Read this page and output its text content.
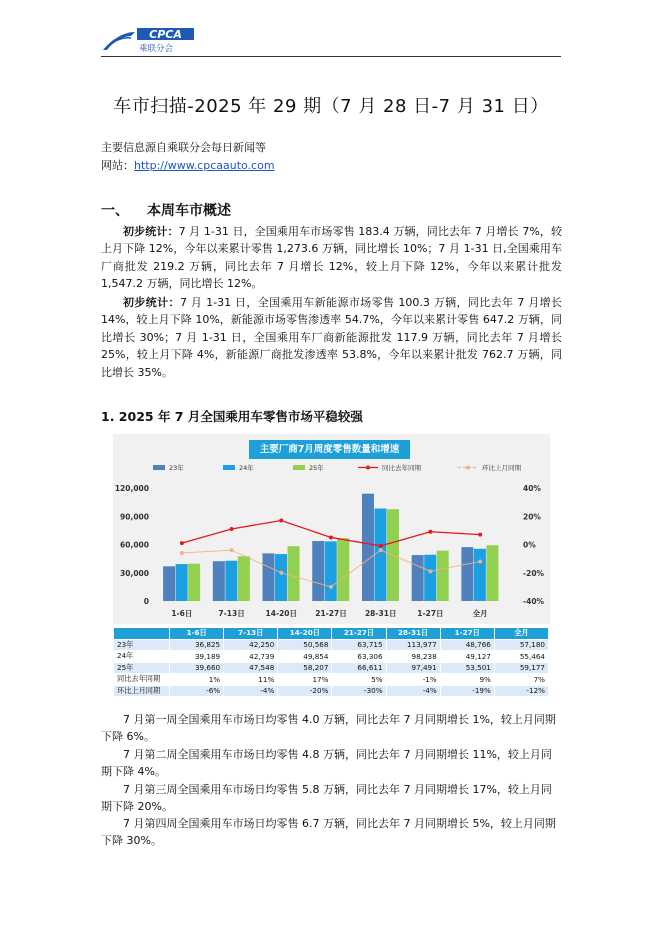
CPCA
乘联分会
车市扫描-2025 年 29 期（7 月 28 日-7 月 31 日）
主要信息源自乘联分会每日新闻等
网站：http://www.cpcaauto.com
一、 本周车市概述

初步统计：7 月 1-31 日，全国乘用车市场零售 183.4 万辆，同比去年 7 月增长 7%，较上月下降 12%，今年以来累计零售 1,273.6 万辆，同比增长 10%；7 月 1-31 日,全国乘用车厂商批发 219.2 万辆，同比去年 7 月增长 12%，较上月下降 12%，今年以来累计批发 1,547.2 万辆，同比增长 12%。

初步统计：7 月 1-31 日，全国乘用车新能源市场零售 100.3 万辆，同比去年 7 月增长 14%，较上月下降 10%，新能源市场零售渗透率 54.7%，今年以来累计零售 647.2 万辆，同比增长 30%；7 月 1-31 日，全国乘用车厂商新能源批发 117.9 万辆，同比去年 7 月增长 25%，较上月下降 4%，新能源厂商批发渗透率 53.8%，今年以来累计批发 762.7 万辆，同比增长 35%。

1. 2025 年 7 月全国乘用车零售市场平稳较强
主要厂商7月周度零售数量和增速
0
30,000
60,000
90,000
120,000
-40%
-20%
0%
20%
40%
23年	24年	25年	同比去年同期	环比上月同期
1-6日	7-13日	14-20日 21-27日 28-31日	1-27日	全月
	1-6日	7-13日	14-20日	21-27日	28-31日	1-27日	全月
23年	36,825	42,250	50,568	63,715	113,977	48,766	57,180
24年	39,189	42,739	49,854	63,306	98,238	49,127	55,464
25年	39,660	47,548	58,207	66,611	97,491	53,501	59,177
同比去年同期	1%	11%	17%	5%	-1%	9%	7%
环比上月同期	-6%	-4%	-20%	-30%	-4%	-19%	-12%

7 月第一周全国乘用车市场日均零售 4.0 万辆，同比去年 7 月同期增长 1%，较上月同期下降 6%。

7 月第二周全国乘用车市场日均零售 4.8 万辆，同比去年 7 月同期增长 11%，较上月同期下降 4%。

7 月第三周全国乘用车市场日均零售 5.8 万辆，同比去年 7 月同期增长 17%，较上月同期下降 20%。

7 月第四周全国乘用车市场日均零售 6.7 万辆，同比去年 7 月同期增长 5%，较上月同期下降 30%。
